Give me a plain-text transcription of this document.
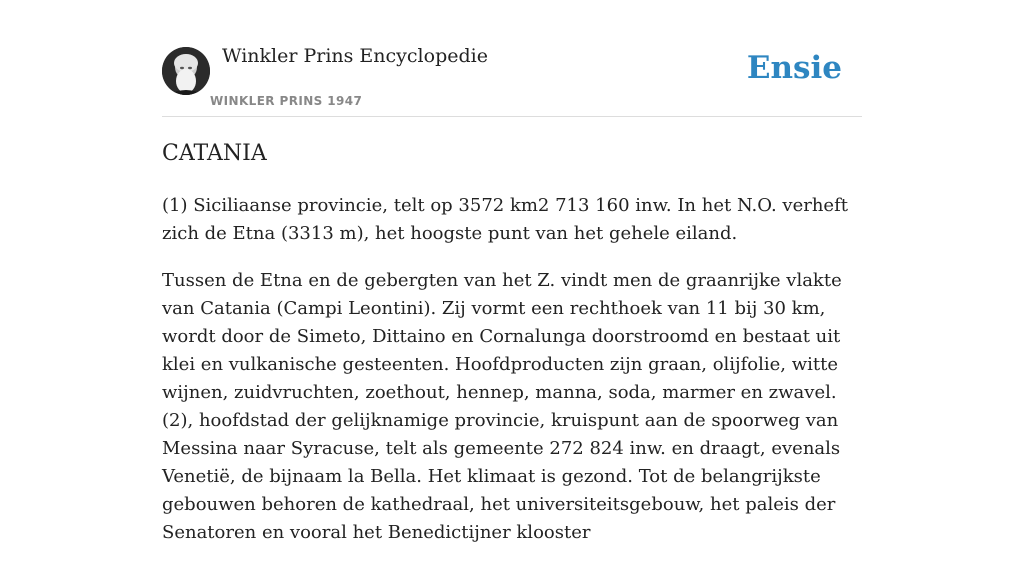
Winkler Prins Encyclopedie
WINKLER PRINS 1947
Ensie
CATANIA

(1) Siciliaanse provincie, telt op 3572 km2 713 160 inw. In het N.O. verheft zich de Etna (3313 m), het hoogste punt van het gehele eiland.

Tussen de Etna en de gebergten van het Z. vindt men de graanrijke vlakte van Catania (Campi Leontini). Zij vormt een rechthoek van 11 bij 30 km, wordt door de Simeto, Dittaino en Cornalunga doorstroomd en bestaat uit klei en vulkanische gesteenten. Hoofdproducten zijn graan, olijfolie, witte wijnen, zuidvruchten, zoethout, hennep, manna, soda, marmer en zwavel.(2), hoofdstad der gelijknamige provincie, kruispunt aan de spoorweg van Messina naar Syracuse, telt als gemeente 272 824 inw. en draagt, evenals Venetië, de bijnaam la Bella. Het klimaat is gezond. Tot de belangrijkste gebouwen behoren de kathedraal, het universiteitsgebouw, het paleis der Senatoren en vooral het Benedictijner klooster
